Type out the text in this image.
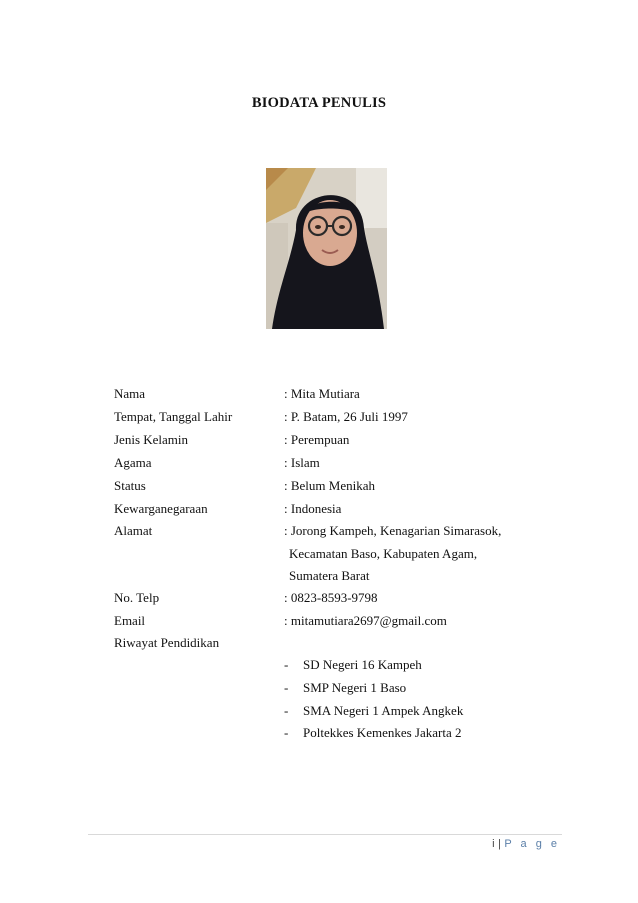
BIODATA PENULIS
Nama	: Mita Mutiara
Tempat, Tanggal Lahir	: P. Batam, 26 Juli 1997
Jenis Kelamin	: Perempuan
Agama	: Islam
Status	: Belum Menikah
Kewarganegaraan	: Indonesia
Alamat	: Jorong Kampeh, Kenagarian Simarasok,
Kecamatan Baso, Kabupaten Agam,
Sumatera Barat
No. Telp	: 0823-8593-9798
Email	: mitamutiara2697@gmail.com
Riwayat Pendidikan
- SD Negeri 16 Kampeh
- SMP Negeri 1 Baso
- SMA Negeri 1 Ampek Angkek
- Poltekkes Kemenkes Jakarta 2
i | P a g e
